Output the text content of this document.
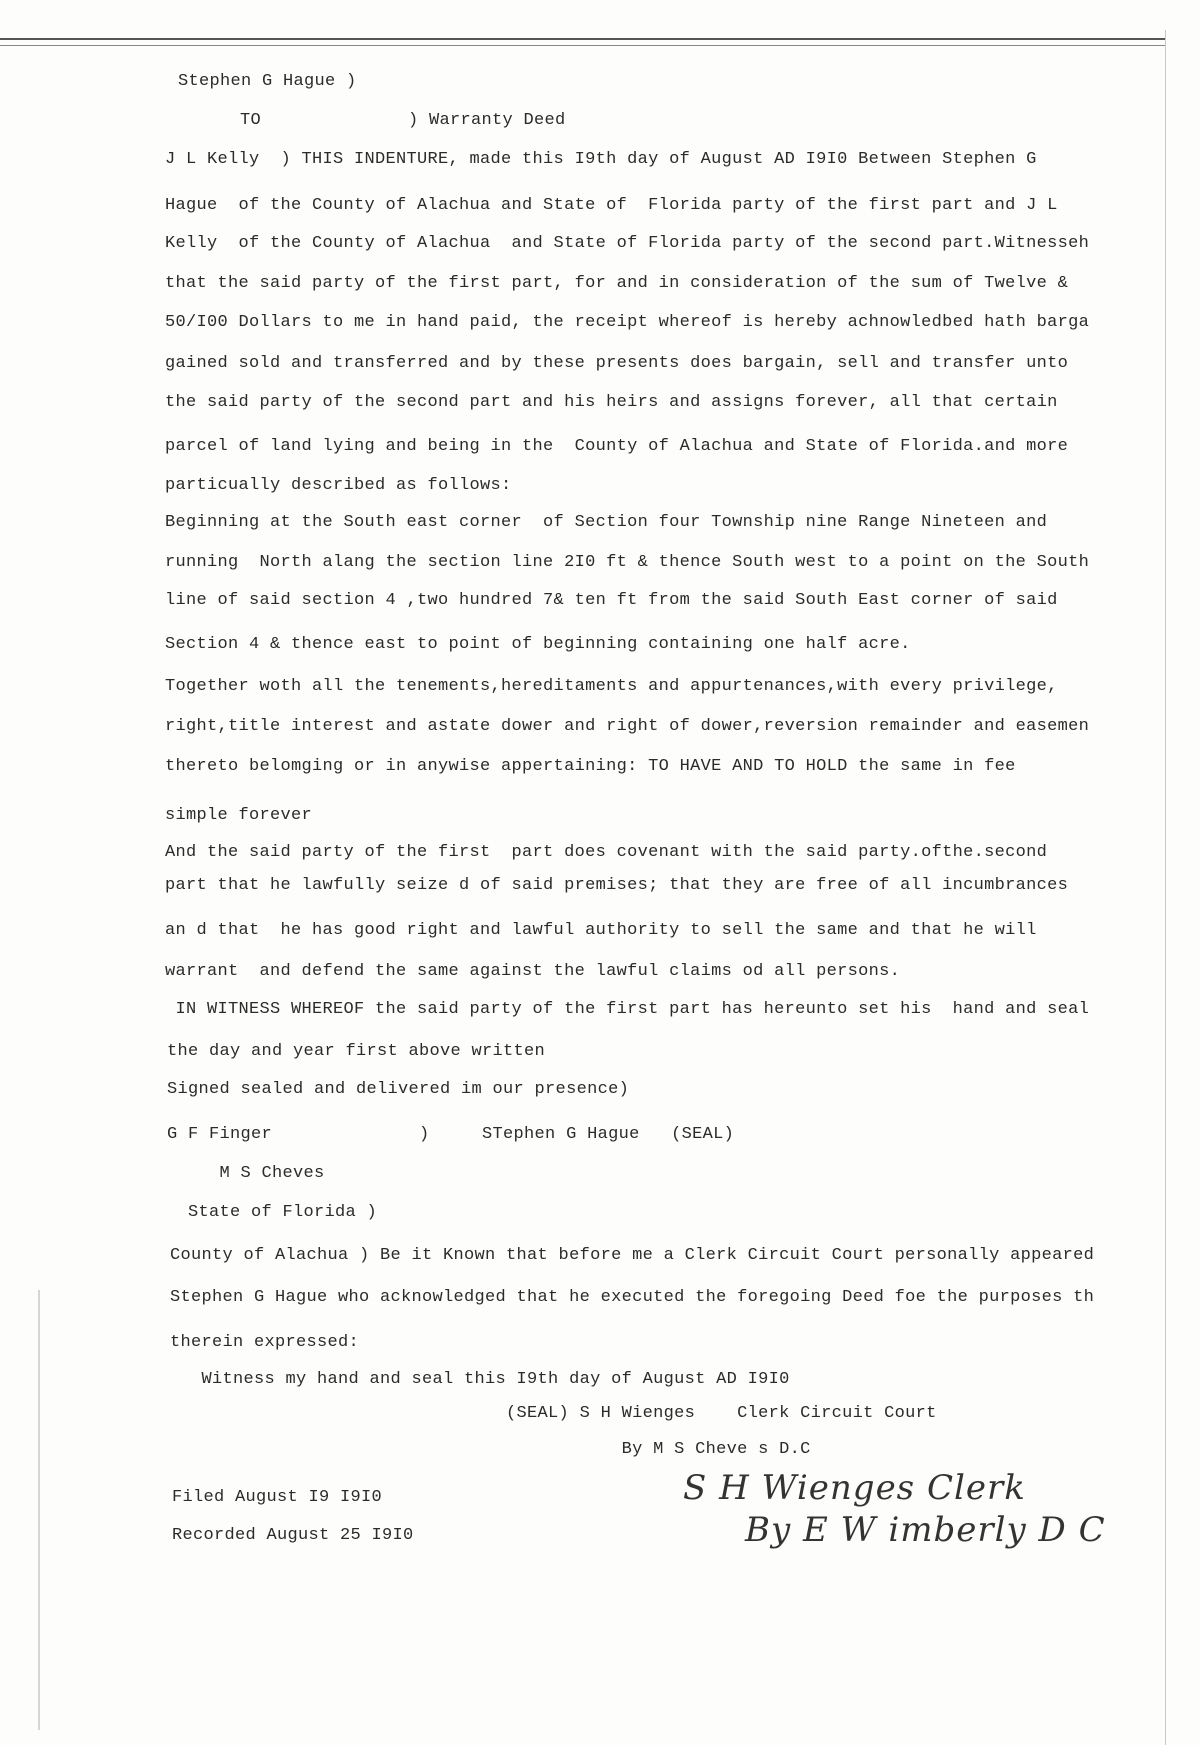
Stephen G Hague )
TO              ) Warranty Deed
J L Kelly  ) THIS INDENTURE, made this I9th day of August AD I9I0 Between Stephen G
Hague  of the County of Alachua and State of  Florida party of the first part and J L
Kelly  of the County of Alachua  and State of Florida party of the second part.Witnesseh
that the said party of the first part, for and in consideration of the sum of Twelve &
50/I00 Dollars to me in hand paid, the receipt whereof is hereby achnowledbed hath barga
gained sold and transferred and by these presents does bargain, sell and transfer unto
the said party of the second part and his heirs and assigns forever, all that certain
parcel of land lying and being in the  County of Alachua and State of Florida.and more
particually described as follows:
Beginning at the South east corner  of Section four Township nine Range Nineteen and
running  North alang the section line 2I0 ft & thence South west to a point on the South
line of said section 4 ,two hundred 7& ten ft from the said South East corner of said
Section 4 & thence east to point of beginning containing one half acre.
Together woth all the tenements,hereditaments and appurtenances,with every privilege,
right,title interest and astate dower and right of dower,reversion remainder and easemen
thereto belomging or in anywise appertaining: TO HAVE AND TO HOLD the same in fee
simple forever
And the said party of the first  part does covenant with the said party.ofthe.second
part that he lawfully seize d of said premises; that they are free of all incumbrances
an d that  he has good right and lawful authority to sell the same and that he will
warrant  and defend the same against the lawful claims od all persons.
IN WITNESS WHEREOF the said party of the first part has hereunto set his  hand and seal
the day and year first above written
Signed sealed and delivered im our presence)
G F Finger              )     STephen G Hague   (SEAL)
M S Cheves
State of Florida )
County of Alachua ) Be it Known that before me a Clerk Circuit Court personally appeared
Stephen G Hague who acknowledged that he executed the foregoing Deed foe the purposes th
therein expressed:
Witness my hand and seal this I9th day of August AD I9I0
(SEAL) S H Wienges    Clerk Circuit Court
By M S Cheve s D.C
Filed August I9 I9I0
Recorded August 25 I9I0
S H Wienges Clerk
By E W imberly D C
